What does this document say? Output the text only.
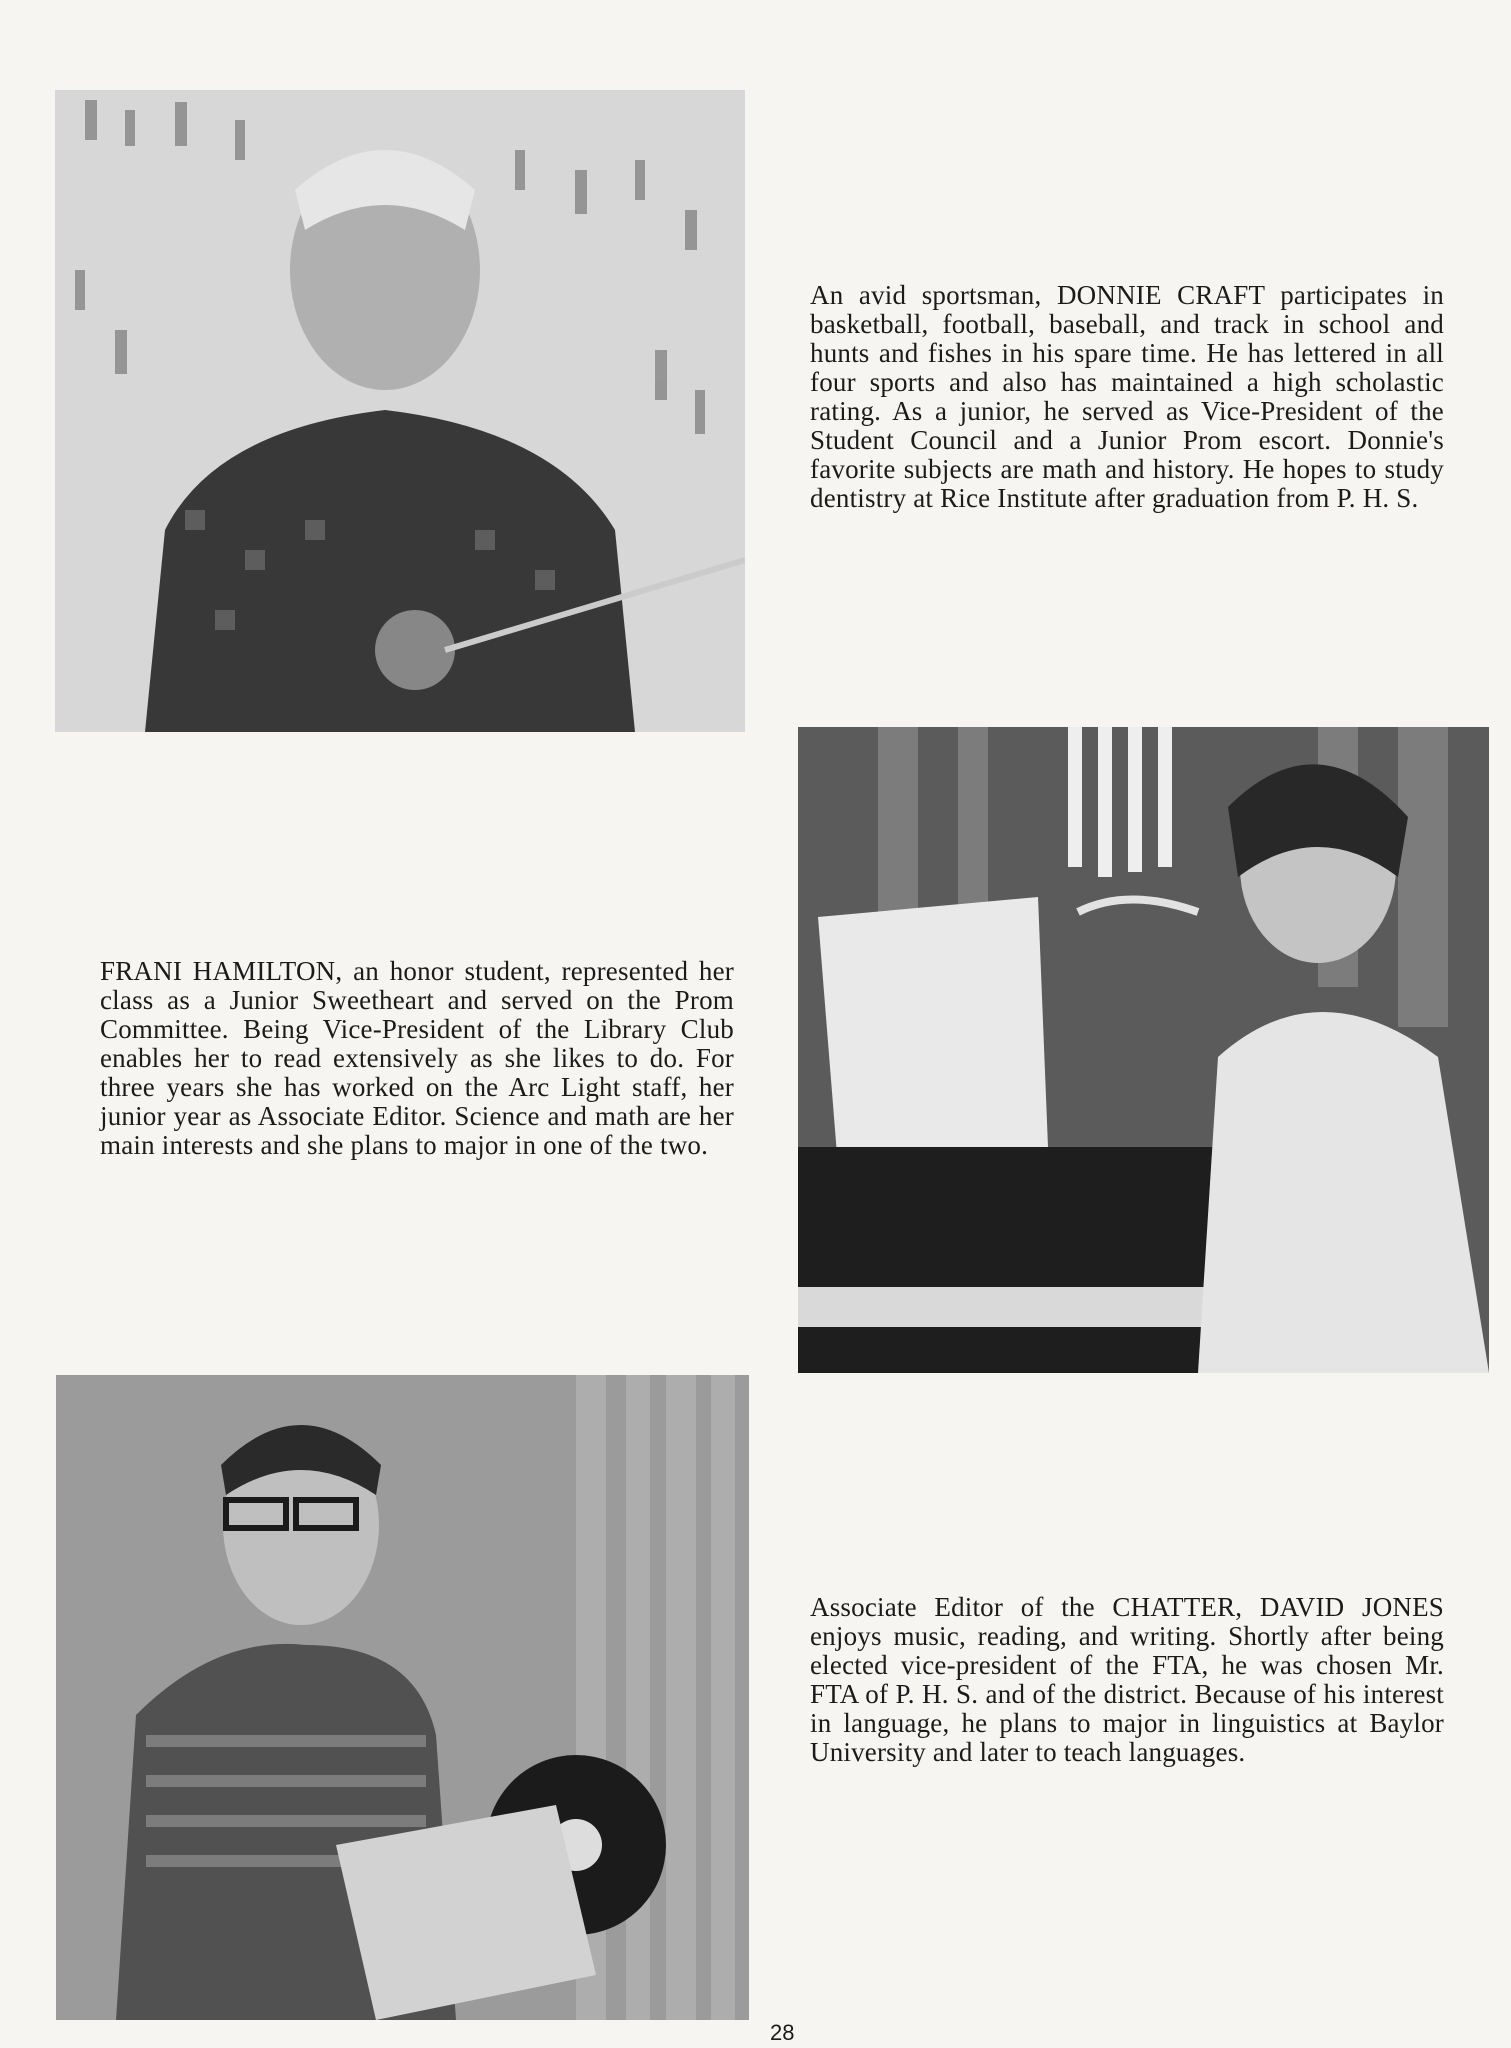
An avid sportsman, DONNIE CRAFT participates in basketball, football, baseball, and track in school and hunts and fishes in his spare time. He has lettered in all four sports and also has maintained a high scholastic rating. As a junior, he served as Vice-President of the Student Council and a Junior Prom escort. Donnie's favorite subjects are math and history. He hopes to study dentistry at Rice Institute after graduation from P. H. S.
FRANI HAMILTON, an honor student, represented her class as a Junior Sweetheart and served on the Prom Committee. Being Vice-President of the Library Club enables her to read extensively as she likes to do. For three years she has worked on the Arc Light staff, her junior year as Associate Editor. Science and math are her main interests and she plans to major in one of the two.
Associate Editor of the CHATTER, DAVID JONES enjoys music, reading, and writing. Shortly after being elected vice-president of the FTA, he was chosen Mr. FTA of P. H. S. and of the district. Because of his interest in language, he plans to major in linguistics at Baylor University and later to teach languages.
28
